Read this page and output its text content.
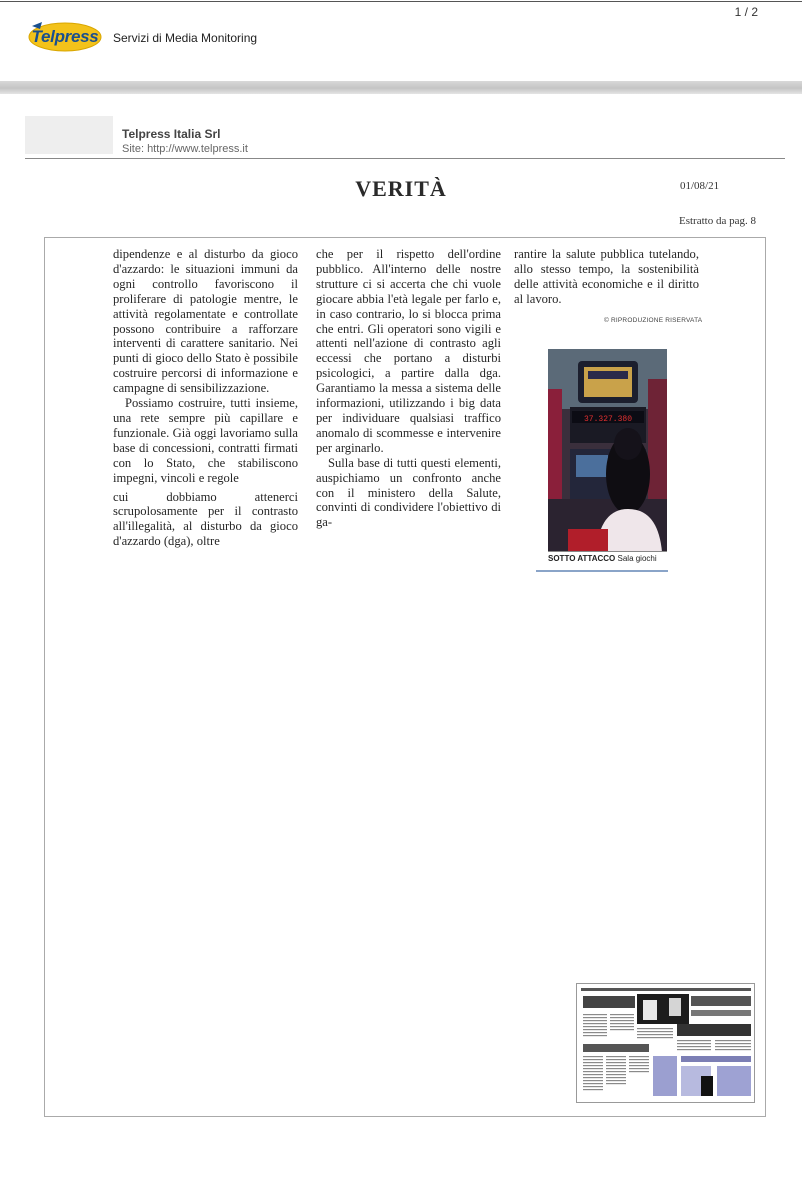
1 / 2
Telpress Servizi di Media Monitoring
Telpress Italia Srl
Site: http://www.telpress.it
VERITÀ	01/08/21
Estratto da pag. 8

dipendenze e al disturbo da gioco d'azzardo: le situazioni immuni da ogni controllo favoriscono il proliferare di patologie mentre, le attività regolamentate e controllate possono contribuire a rafforzare interventi di carattere sanitario. Nei punti di gioco dello Stato è possibile costruire percorsi di informazione e campagne di sensibilizzazione.

Possiamo costruire, tutti insieme, una rete sempre più capillare e funzionale. Già oggi lavoriamo sulla base di concessioni, contratti firmati con lo Stato, che stabiliscono impegni, vincoli e regole

cui dobbiamo attenerci scrupolosamente per il contrasto all'illegalità, al disturbo da gioco d'azzardo (dga), oltre

che per il rispetto dell'ordine pubblico. All'interno delle nostre strutture ci si accerta che chi vuole giocare abbia l'età legale per farlo e, in caso contrario, lo si blocca prima che entri. Gli operatori sono vigili e attenti nell'azione di contrasto agli eccessi che portano a disturbi psicologici, a partire dalla dga. Garantiamo la messa a sistema delle informazioni, utilizzando i big data per individuare qualsiasi traffico anomalo di scommesse e intervenire per arginarlo.

Sulla base di tutti questi elementi, auspichiamo un confronto anche con il ministero della Salute, convinti di condividere l'obiettivo di ga-

rantire la salute pubblica tutelando, allo stesso tempo, la sostenibilità delle attività economiche e il diritto al lavoro.

© RIPRODUZIONE RISERVATA
37.327.380
SOTTO ATTACCO Sala giochi
